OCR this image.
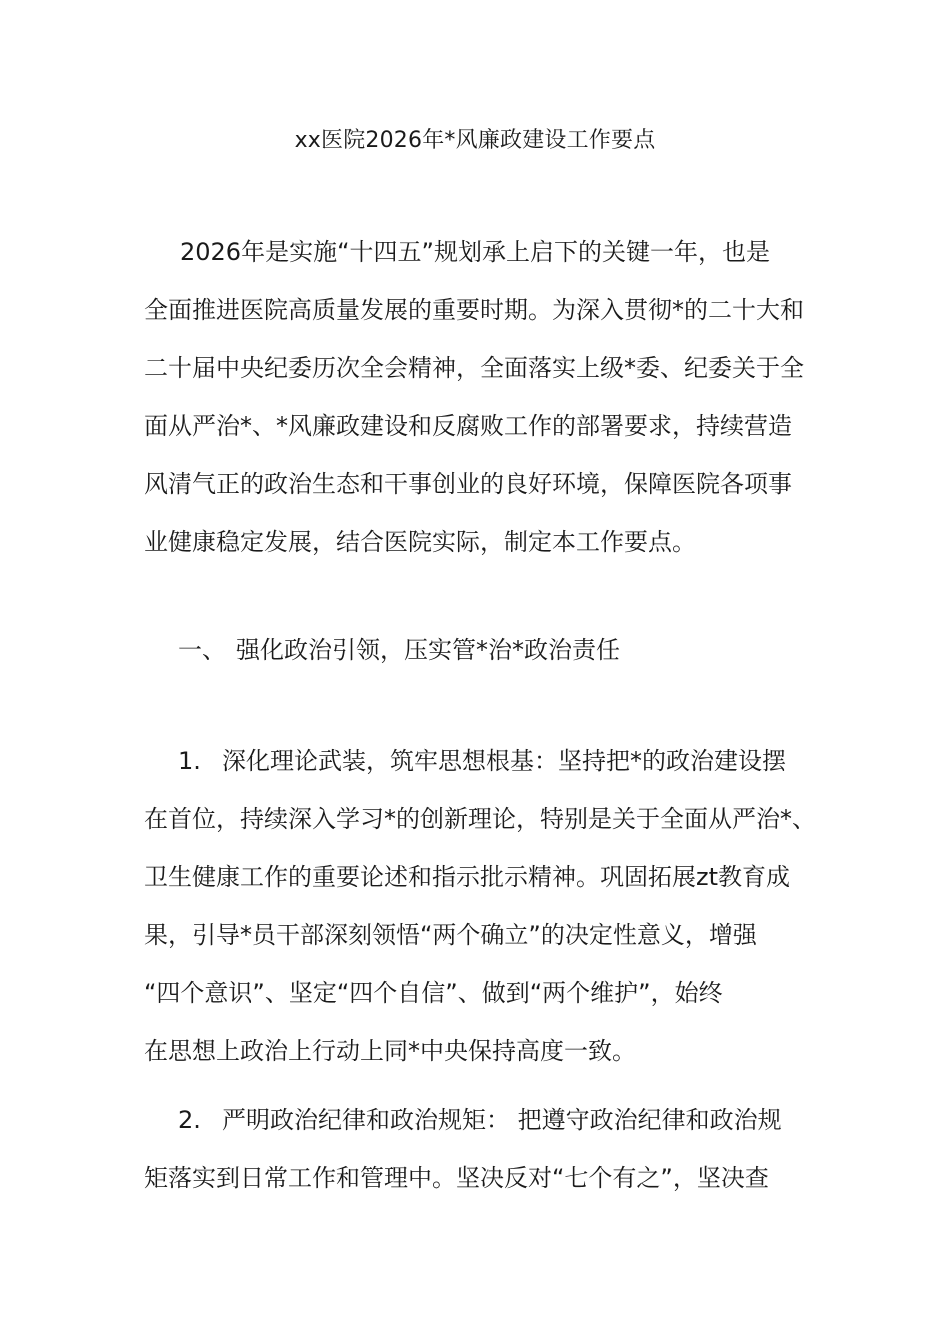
xx医院2026年*风廉政建设工作要点
2026年是实施“十四五”规划承上启下的关键一年，也是
全面推进医院高质量发展的重要时期。为深入贯彻*的二十大和
二十届中央纪委历次全会精神，全面落实上级*委、纪委关于全
面从严治*、*风廉政建设和反腐败工作的部署要求，持续营造
风清气正的政治生态和干事创业的良好环境，保障医院各项事
业健康稳定发展，结合医院实际，制定本工作要点。
一、 强化政治引领，压实管*治*政治责任
1. 深化理论武装，筑牢思想根基：坚持把*的政治建设摆
在首位，持续深入学习*的创新理论，特别是关于全面从严治*、
卫生健康工作的重要论述和指示批示精神。巩固拓展zt教育成
果，引导*员干部深刻领悟“两个确立”的决定性意义，增强
“四个意识”、坚定“四个自信”、做到“两个维护”，始终
在思想上政治上行动上同*中央保持高度一致。
2. 严明政治纪律和政治规矩： 把遵守政治纪律和政治规
矩落实到日常工作和管理中。坚决反对“七个有之”，坚决查
